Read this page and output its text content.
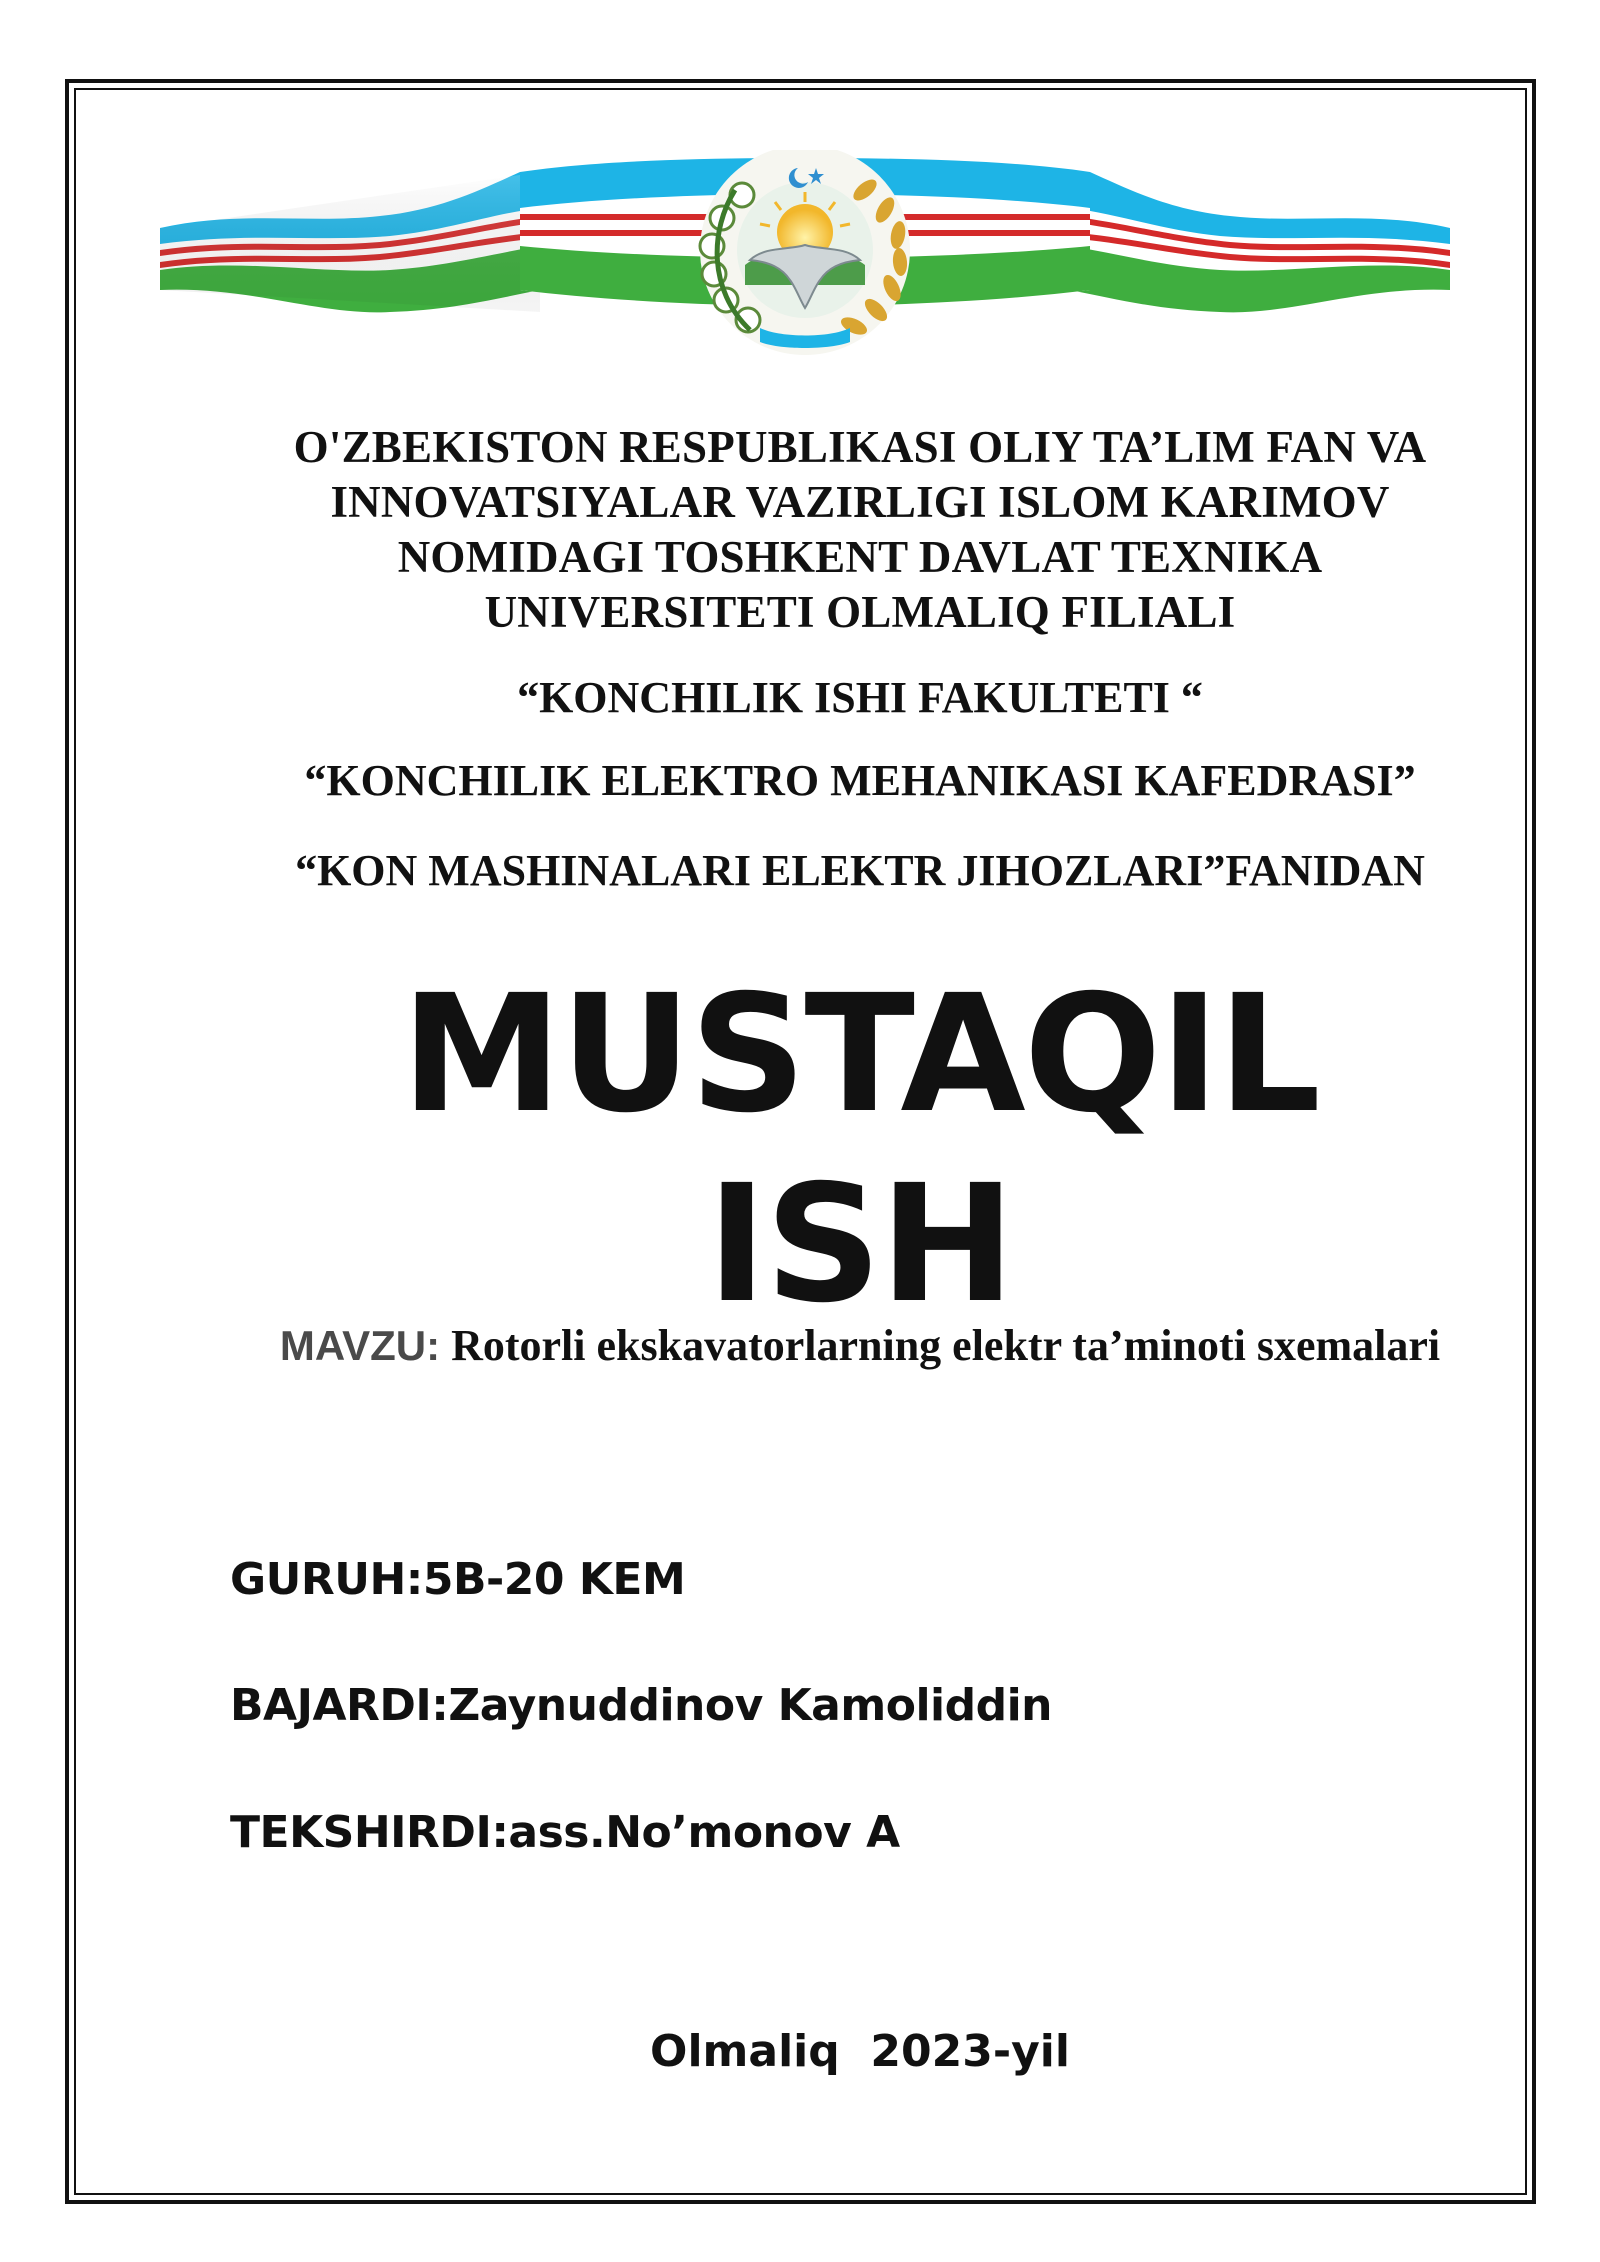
O'ZBEKISTON RESPUBLIKASI OLIY TA’LIM FAN VA
INNOVATSIYALAR VAZIRLIGI ISLOM KARIMOV
NOMIDAGI TOSHKENT DAVLAT TEXNIKA
UNIVERSITETI OLMALIQ FILIALI
“KONCHILIK ISHI FAKULTETI “
“KONCHILIK ELEKTRO MEHANIKASI KAFEDRASI”
“KON MASHINALARI ELEKTR JIHOZLARI”FANIDAN
MUSTAQIL ISH

MAVZU: Rotorli ekskavatorlarning elektr ta’minoti sxemalari

GURUH:5B-20 KEM

BAJARDI:Zaynuddinov Kamoliddin

TEKSHIRDI:ass.No’monov A

Olmaliq  2023-yil
